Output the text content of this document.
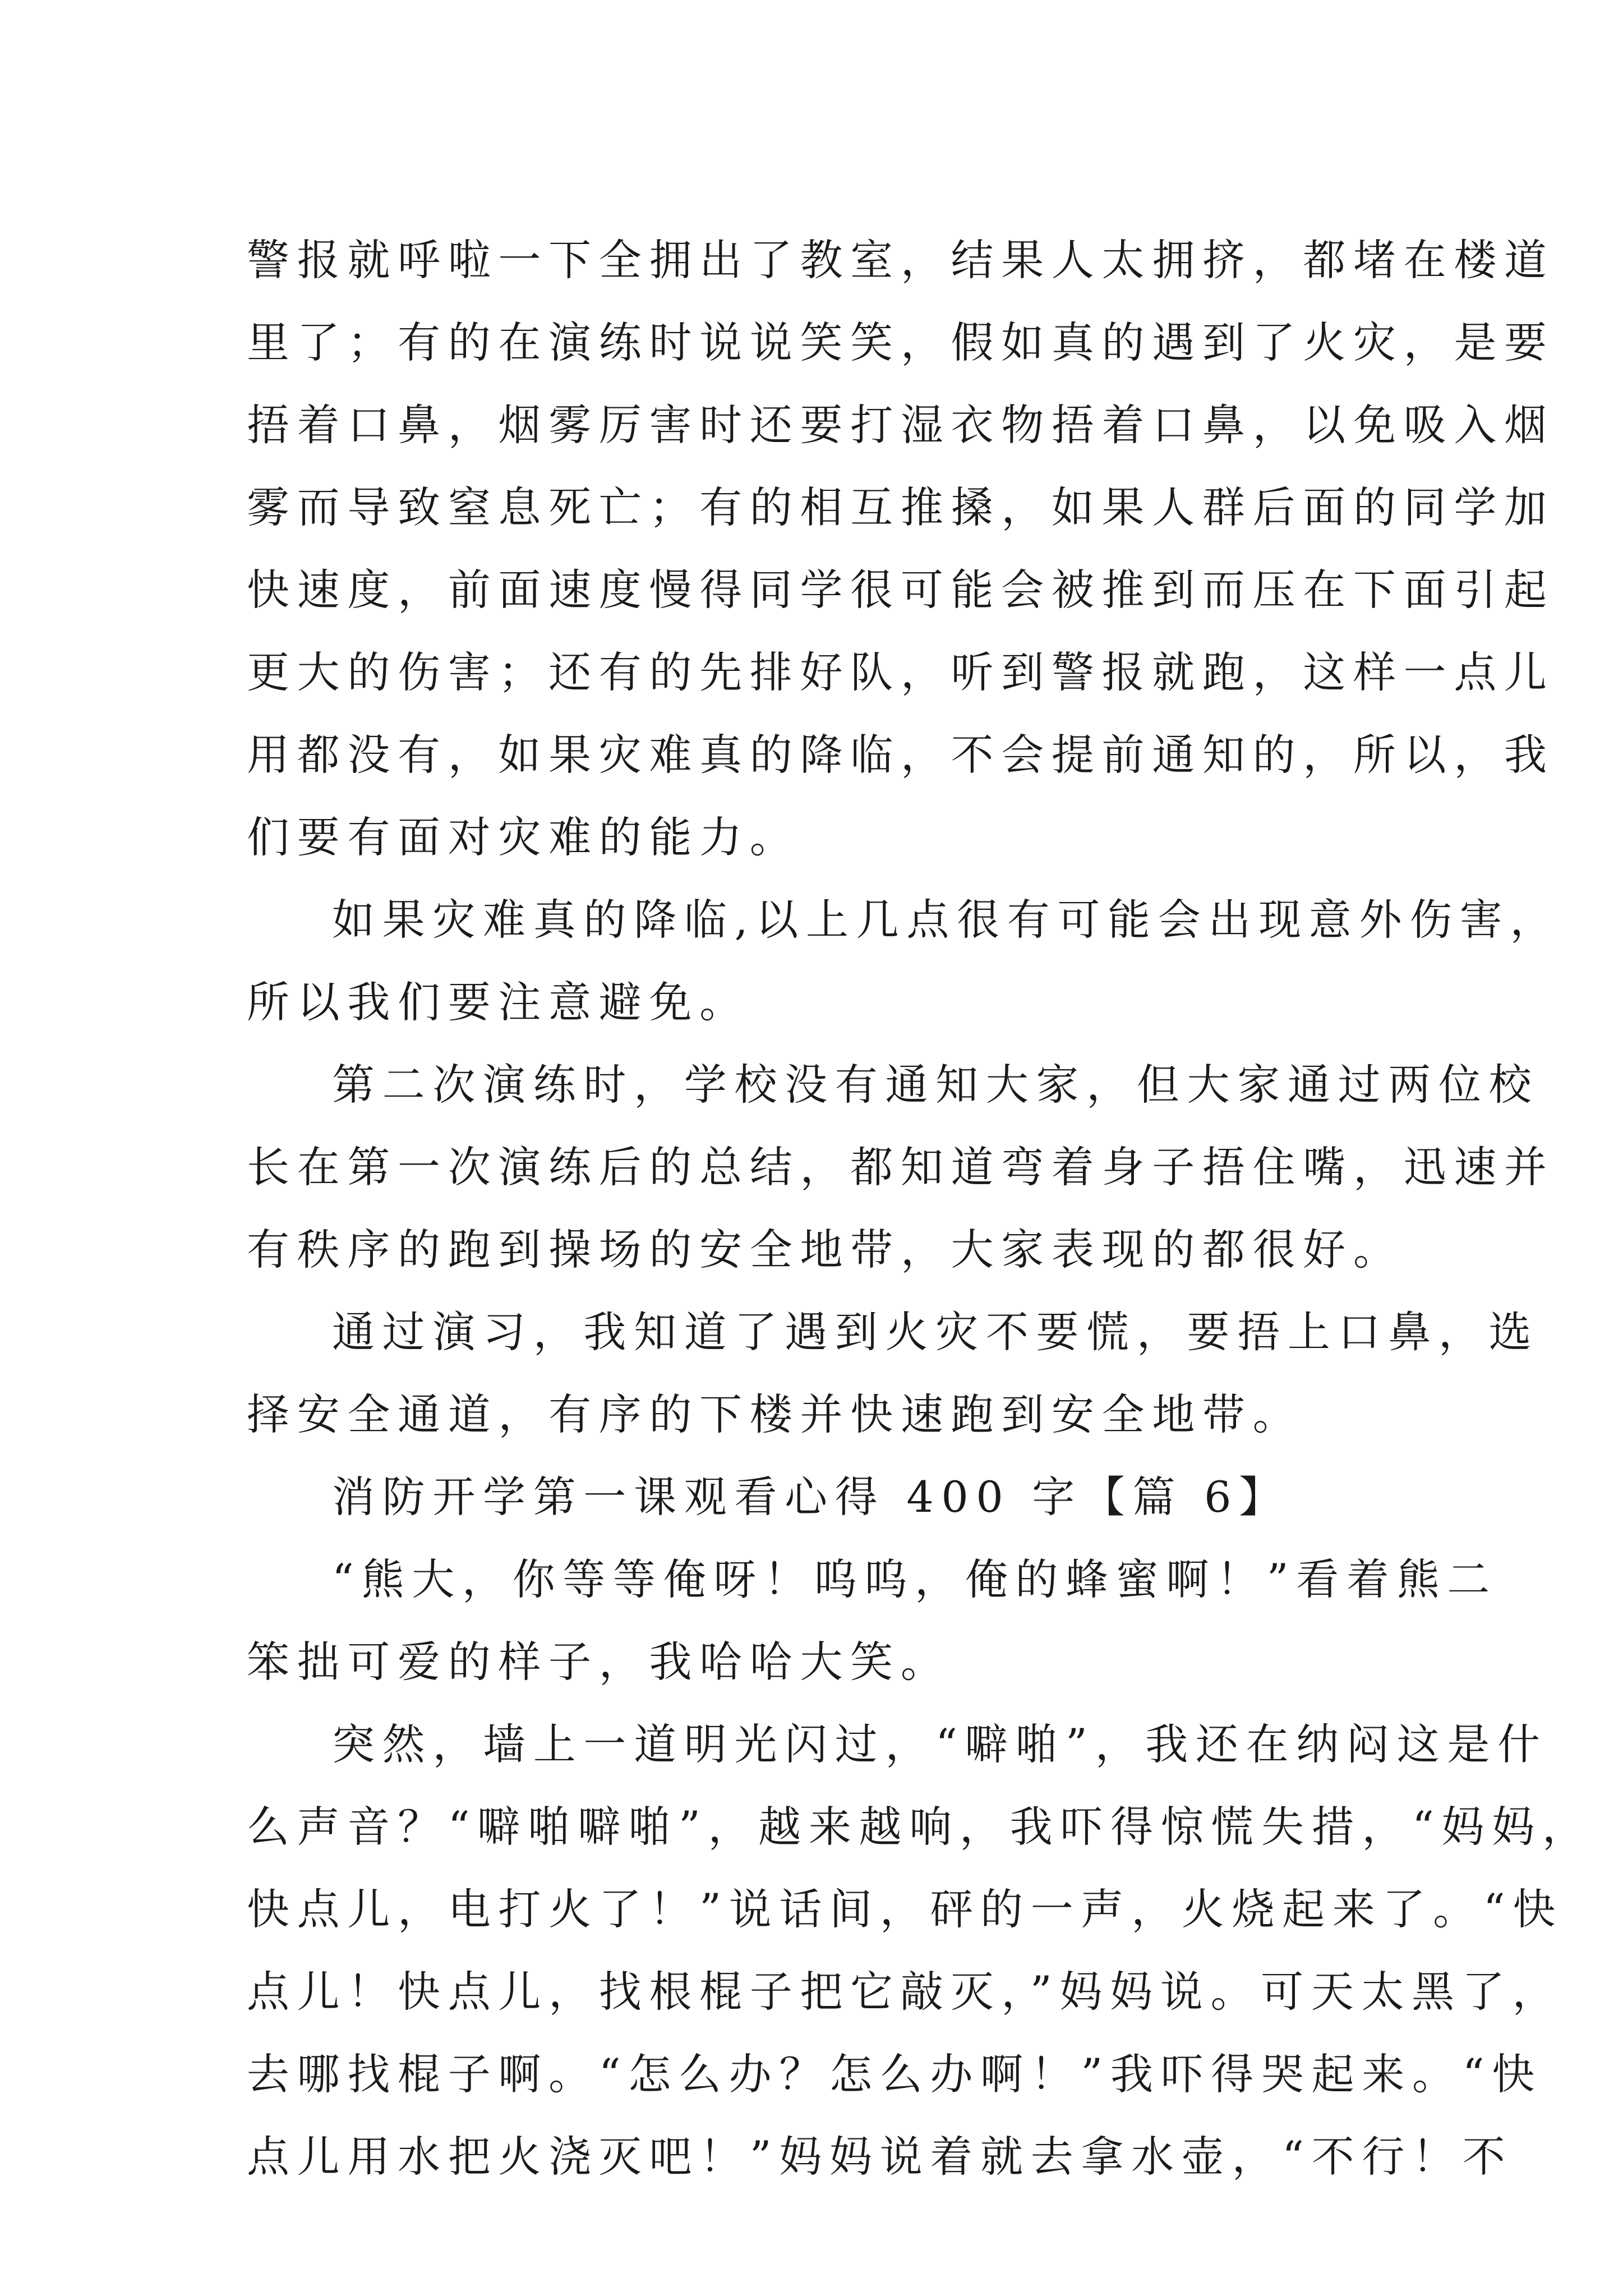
警报就呼啦一下全拥出了教室，结果人太拥挤，都堵在楼道
里了；有的在演练时说说笑笑，假如真的遇到了火灾，是要
捂着口鼻，烟雾厉害时还要打湿衣物捂着口鼻，以免吸入烟
雾而导致窒息死亡；有的相互推搡，如果人群后面的同学加
快速度，前面速度慢得同学很可能会被推到而压在下面引起
更大的伤害；还有的先排好队，听到警报就跑，这样一点儿
用都没有，如果灾难真的降临，不会提前通知的，所以，我
们要有面对灾难的能力。
如果灾难真的降临,以上几点很有可能会出现意外伤害，
所以我们要注意避免。
第二次演练时，学校没有通知大家，但大家通过两位校
长在第一次演练后的总结，都知道弯着身子捂住嘴，迅速并
有秩序的跑到操场的安全地带，大家表现的都很好。
通过演习，我知道了遇到火灾不要慌，要捂上口鼻，选
择安全通道，有序的下楼并快速跑到安全地带。
消防开学第一课观看心得 400 字【篇 6】
“熊大，你等等俺呀！呜呜，俺的蜂蜜啊！”看着熊二
笨拙可爱的样子，我哈哈大笑。
突然，墙上一道明光闪过，“噼啪”，我还在纳闷这是什
么声音？“噼啪噼啪”，越来越响，我吓得惊慌失措，“妈妈，
快点儿，电打火了！”说话间，砰的一声，火烧起来了。“快
点儿！快点儿，找根棍子把它敲灭，”妈妈说。可天太黑了，
去哪找棍子啊。“怎么办？怎么办啊！”我吓得哭起来。“快
点儿用水把火浇灭吧！”妈妈说着就去拿水壶，“不行！不
